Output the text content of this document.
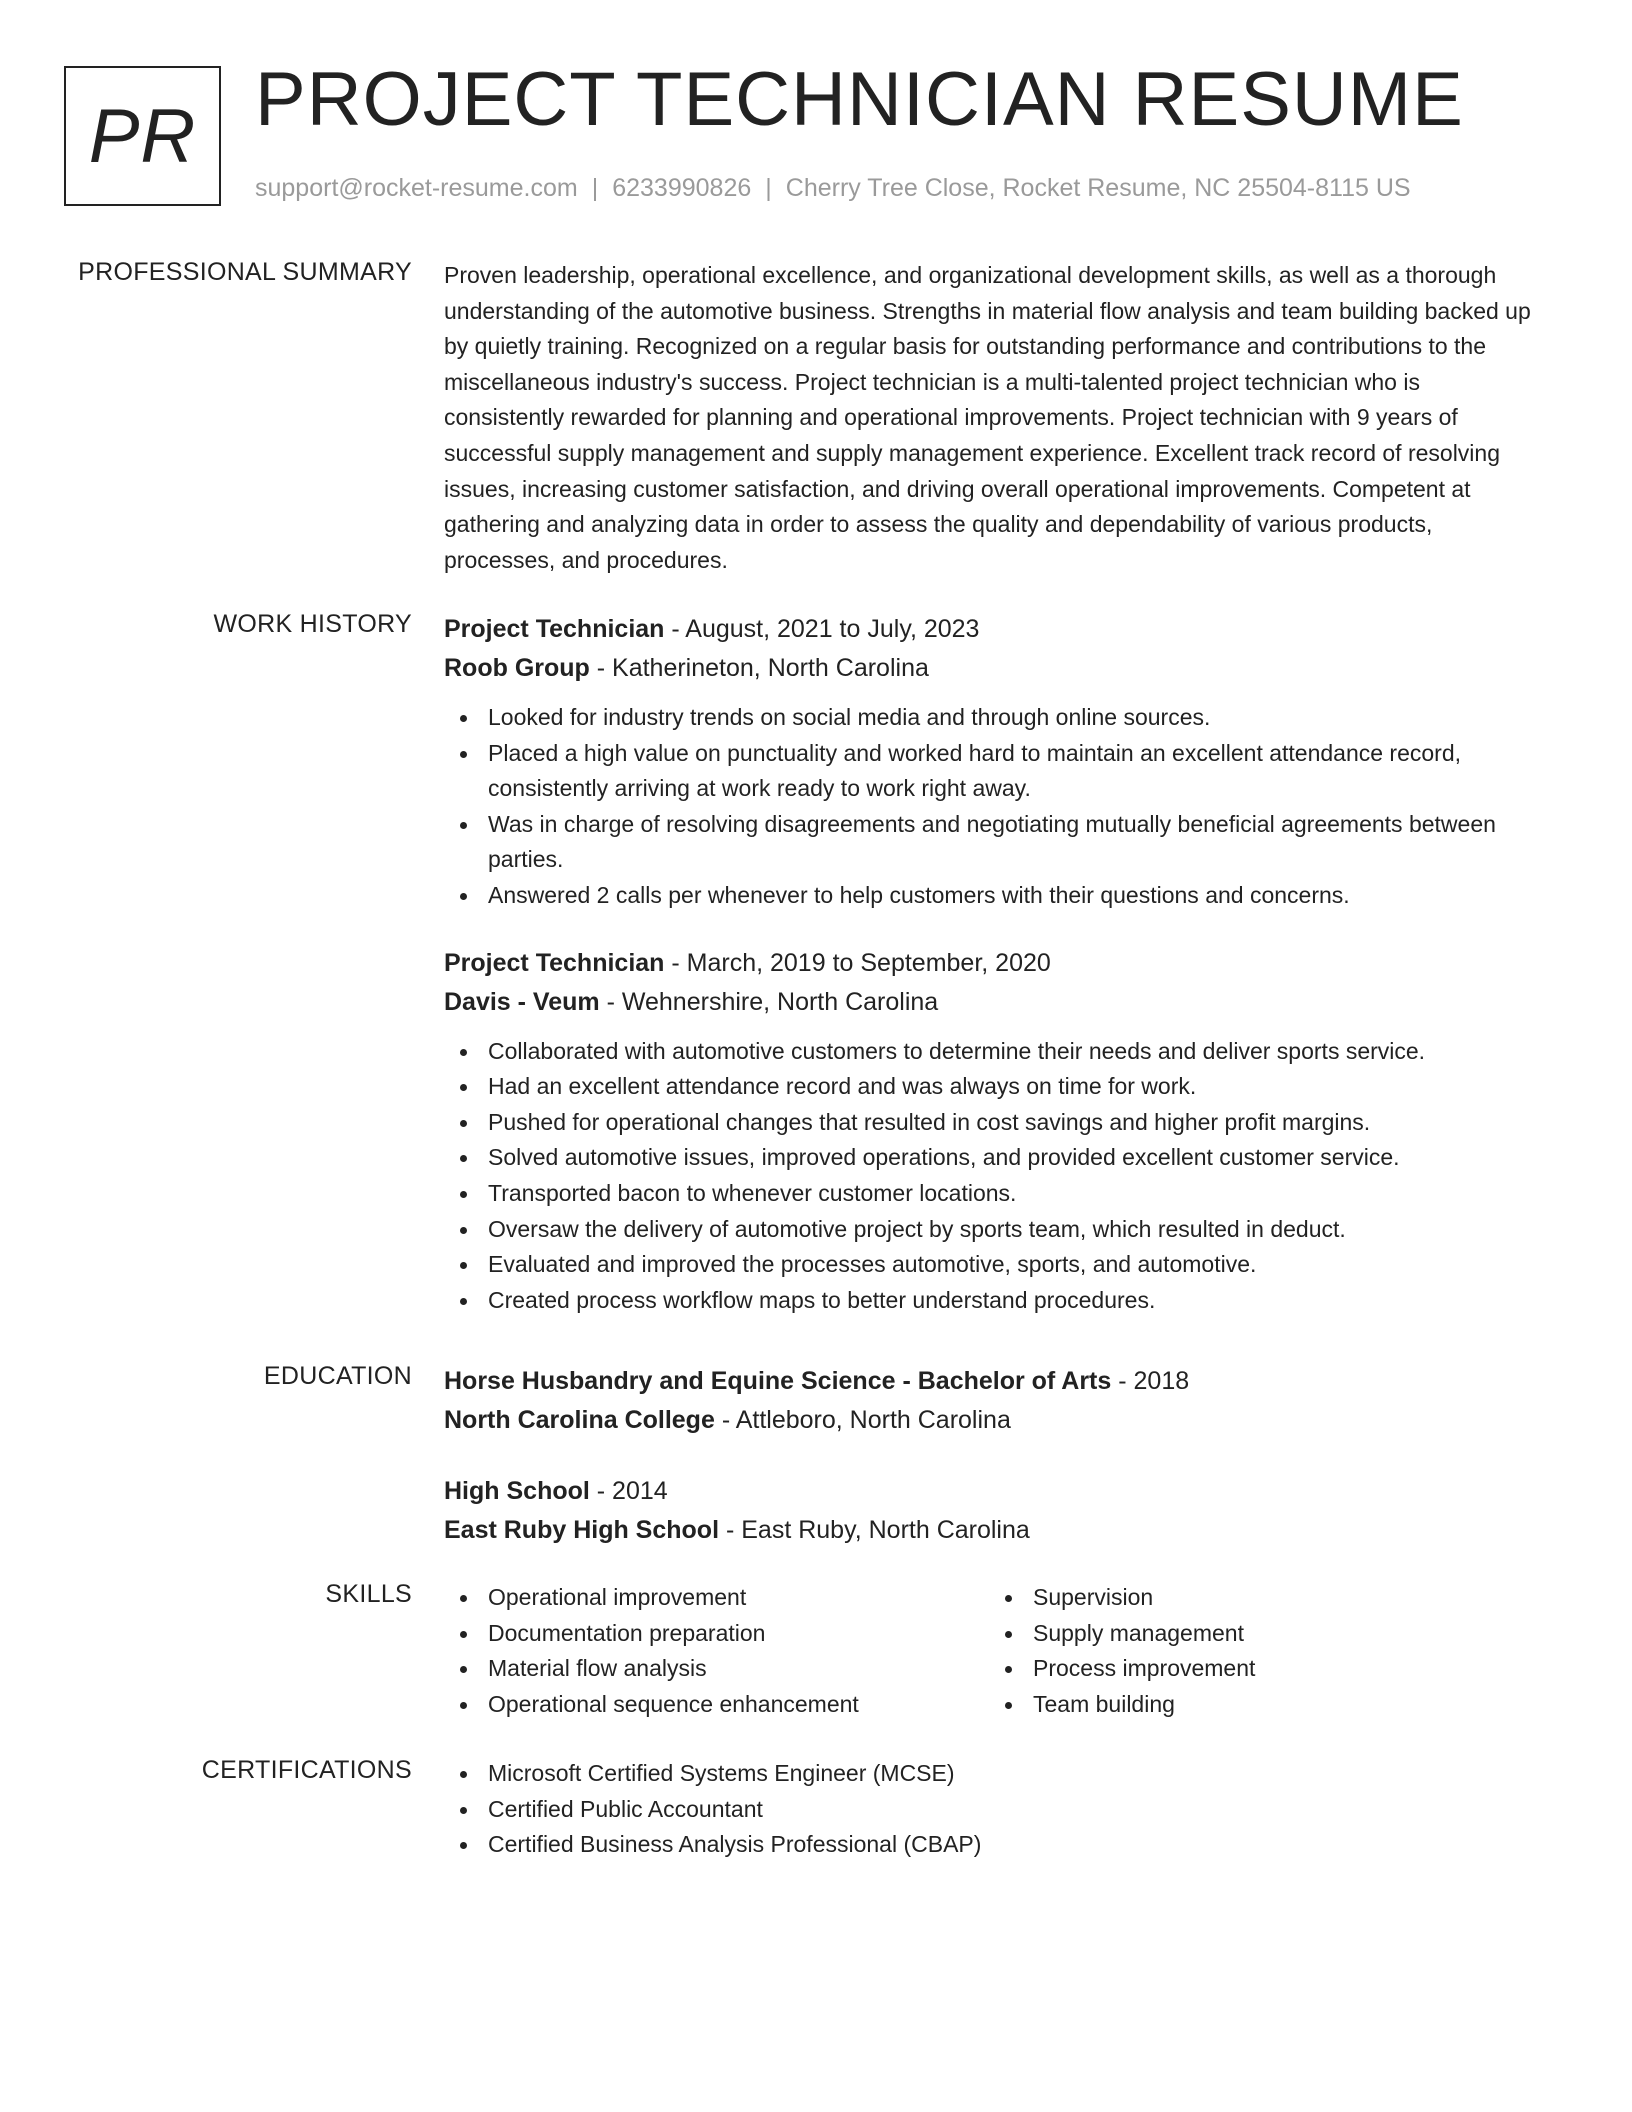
PR PROJECT TECHNICIAN RESUME
support@rocket-resume.com | 6233990826 | Cherry Tree Close, Rocket Resume, NC 25504-8115 US
PROFESSIONAL SUMMARY Proven leadership, operational excellence, and organizational development skills, as well as a thorough understanding of the automotive business. Strengths in material flow analysis and team building backed up by quietly training. Recognized on a regular basis for outstanding performance and contributions to the miscellaneous industry's success. Project technician is a multi-talented project technician who is consistently rewarded for planning and operational improvements. Project technician with 9 years of successful supply management and supply management experience. Excellent track record of resolving issues, increasing customer satisfaction, and driving overall operational improvements. Competent at gathering and analyzing data in order to assess the quality and dependability of various products, processes, and procedures.

WORK HISTORY Project Technician - August, 2021 to July, 2023
Roob Group - Katherineton, North Carolina
Looked for industry trends on social media and through online sources.
Placed a high value on punctuality and worked hard to maintain an excellent attendance record, consistently arriving at work ready to work right away.
Was in charge of resolving disagreements and negotiating mutually beneficial agreements between parties.
Answered 2 calls per whenever to help customers with their questions and concerns.
Project Technician - March, 2019 to September, 2020
Davis - Veum - Wehnershire, North Carolina
Collaborated with automotive customers to determine their needs and deliver sports service.
Had an excellent attendance record and was always on time for work.
Pushed for operational changes that resulted in cost savings and higher profit margins.
Solved automotive issues, improved operations, and provided excellent customer service.
Transported bacon to whenever customer locations.
Oversaw the delivery of automotive project by sports team, which resulted in deduct.
Evaluated and improved the processes automotive, sports, and automotive.
Created process workflow maps to better understand procedures.
EDUCATION Horse Husbandry and Equine Science - Bachelor of Arts - 2018
North Carolina College - Attleboro, North Carolina
High School - 2014
East Ruby High School - East Ruby, North Carolina
SKILLS	Operational improvement
Documentation preparation
Material flow analysis
Operational sequence enhancement
Supervision
Supply management
Process improvement
Team building
CERTIFICATIONS	Microsoft Certified Systems Engineer (MCSE)
Certified Public Accountant
Certified Business Analysis Professional (CBAP)
